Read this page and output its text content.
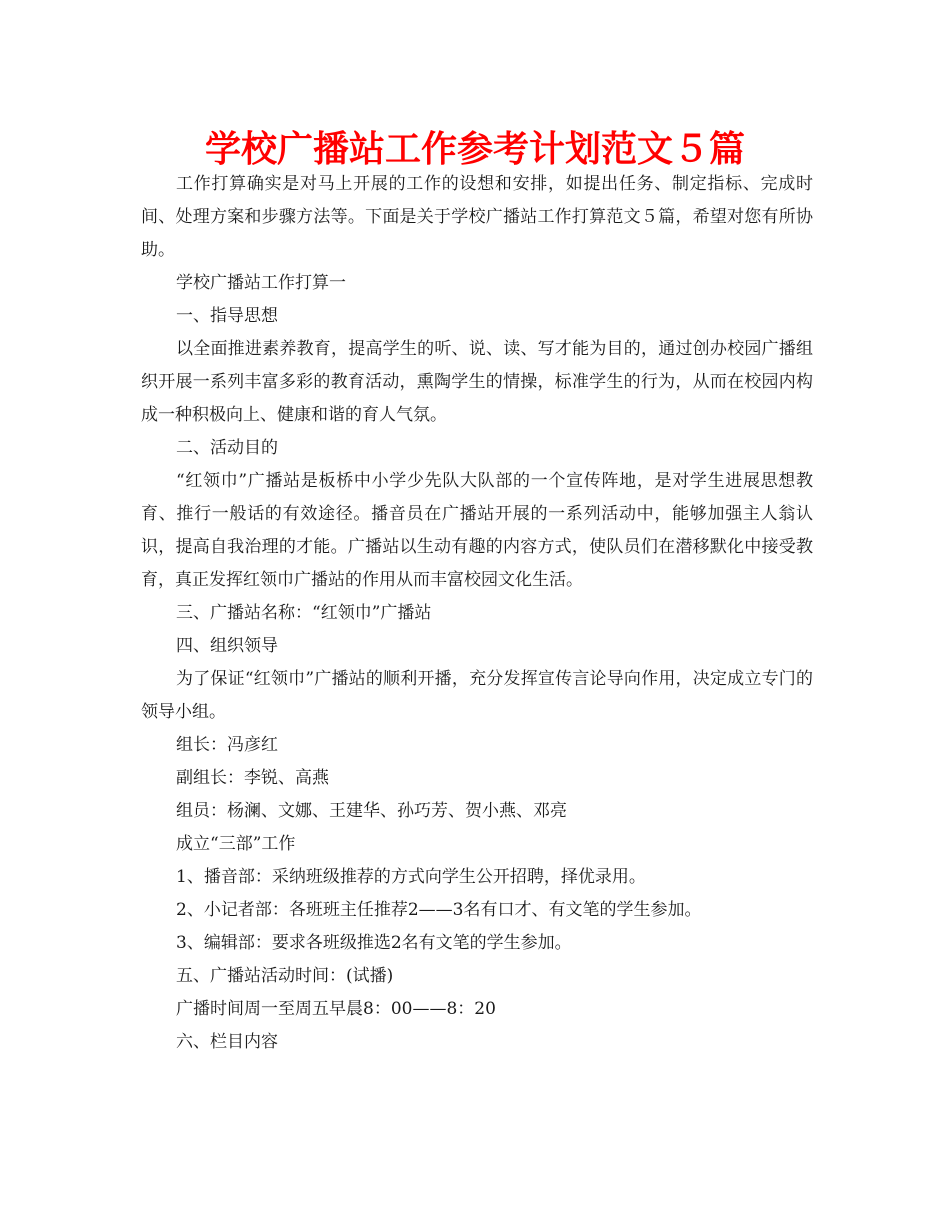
学校广播站工作参考计划范文５篇

工作打算确实是对马上开展的工作的设想和安排，如提出任务、制定指标、完成时间、处理方案和步骤方法等。下面是关于学校广播站工作打算范文５篇，希望对您有所协助。

学校广播站工作打算一

一、指导思想

以全面推进素养教育，提高学生的听、说、读、写才能为目的，通过创办校园广播组织开展一系列丰富多彩的教育活动，熏陶学生的情操，标准学生的行为，从而在校园内构成一种积极向上、健康和谐的育人气氛。

二、活动目的

“红领巾”广播站是板桥中小学少先队大队部的一个宣传阵地，是对学生进展思想教育、推行一般话的有效途径。播音员在广播站开展的一系列活动中，能够加强主人翁认识，提高自我治理的才能。广播站以生动有趣的内容方式，使队员们在潜移默化中接受教育，真正发挥红领巾广播站的作用从而丰富校园文化生活。

三、广播站名称：“红领巾”广播站

四、组织领导

为了保证“红领巾”广播站的顺利开播，充分发挥宣传言论导向作用，决定成立专门的领导小组。

组长：冯彦红

副组长：李锐、高燕

组员：杨澜、文娜、王建华、孙巧芳、贺小燕、邓亮

成立“三部”工作

1、播音部：采纳班级推荐的方式向学生公开招聘，择优录用。

2、小记者部：各班班主任推荐2——3名有口才、有文笔的学生参加。

3、编辑部：要求各班级推选2名有文笔的学生参加。

五、广播站活动时间：(试播)

广播时间周一至周五早晨8：00——8：20

六、栏目内容
